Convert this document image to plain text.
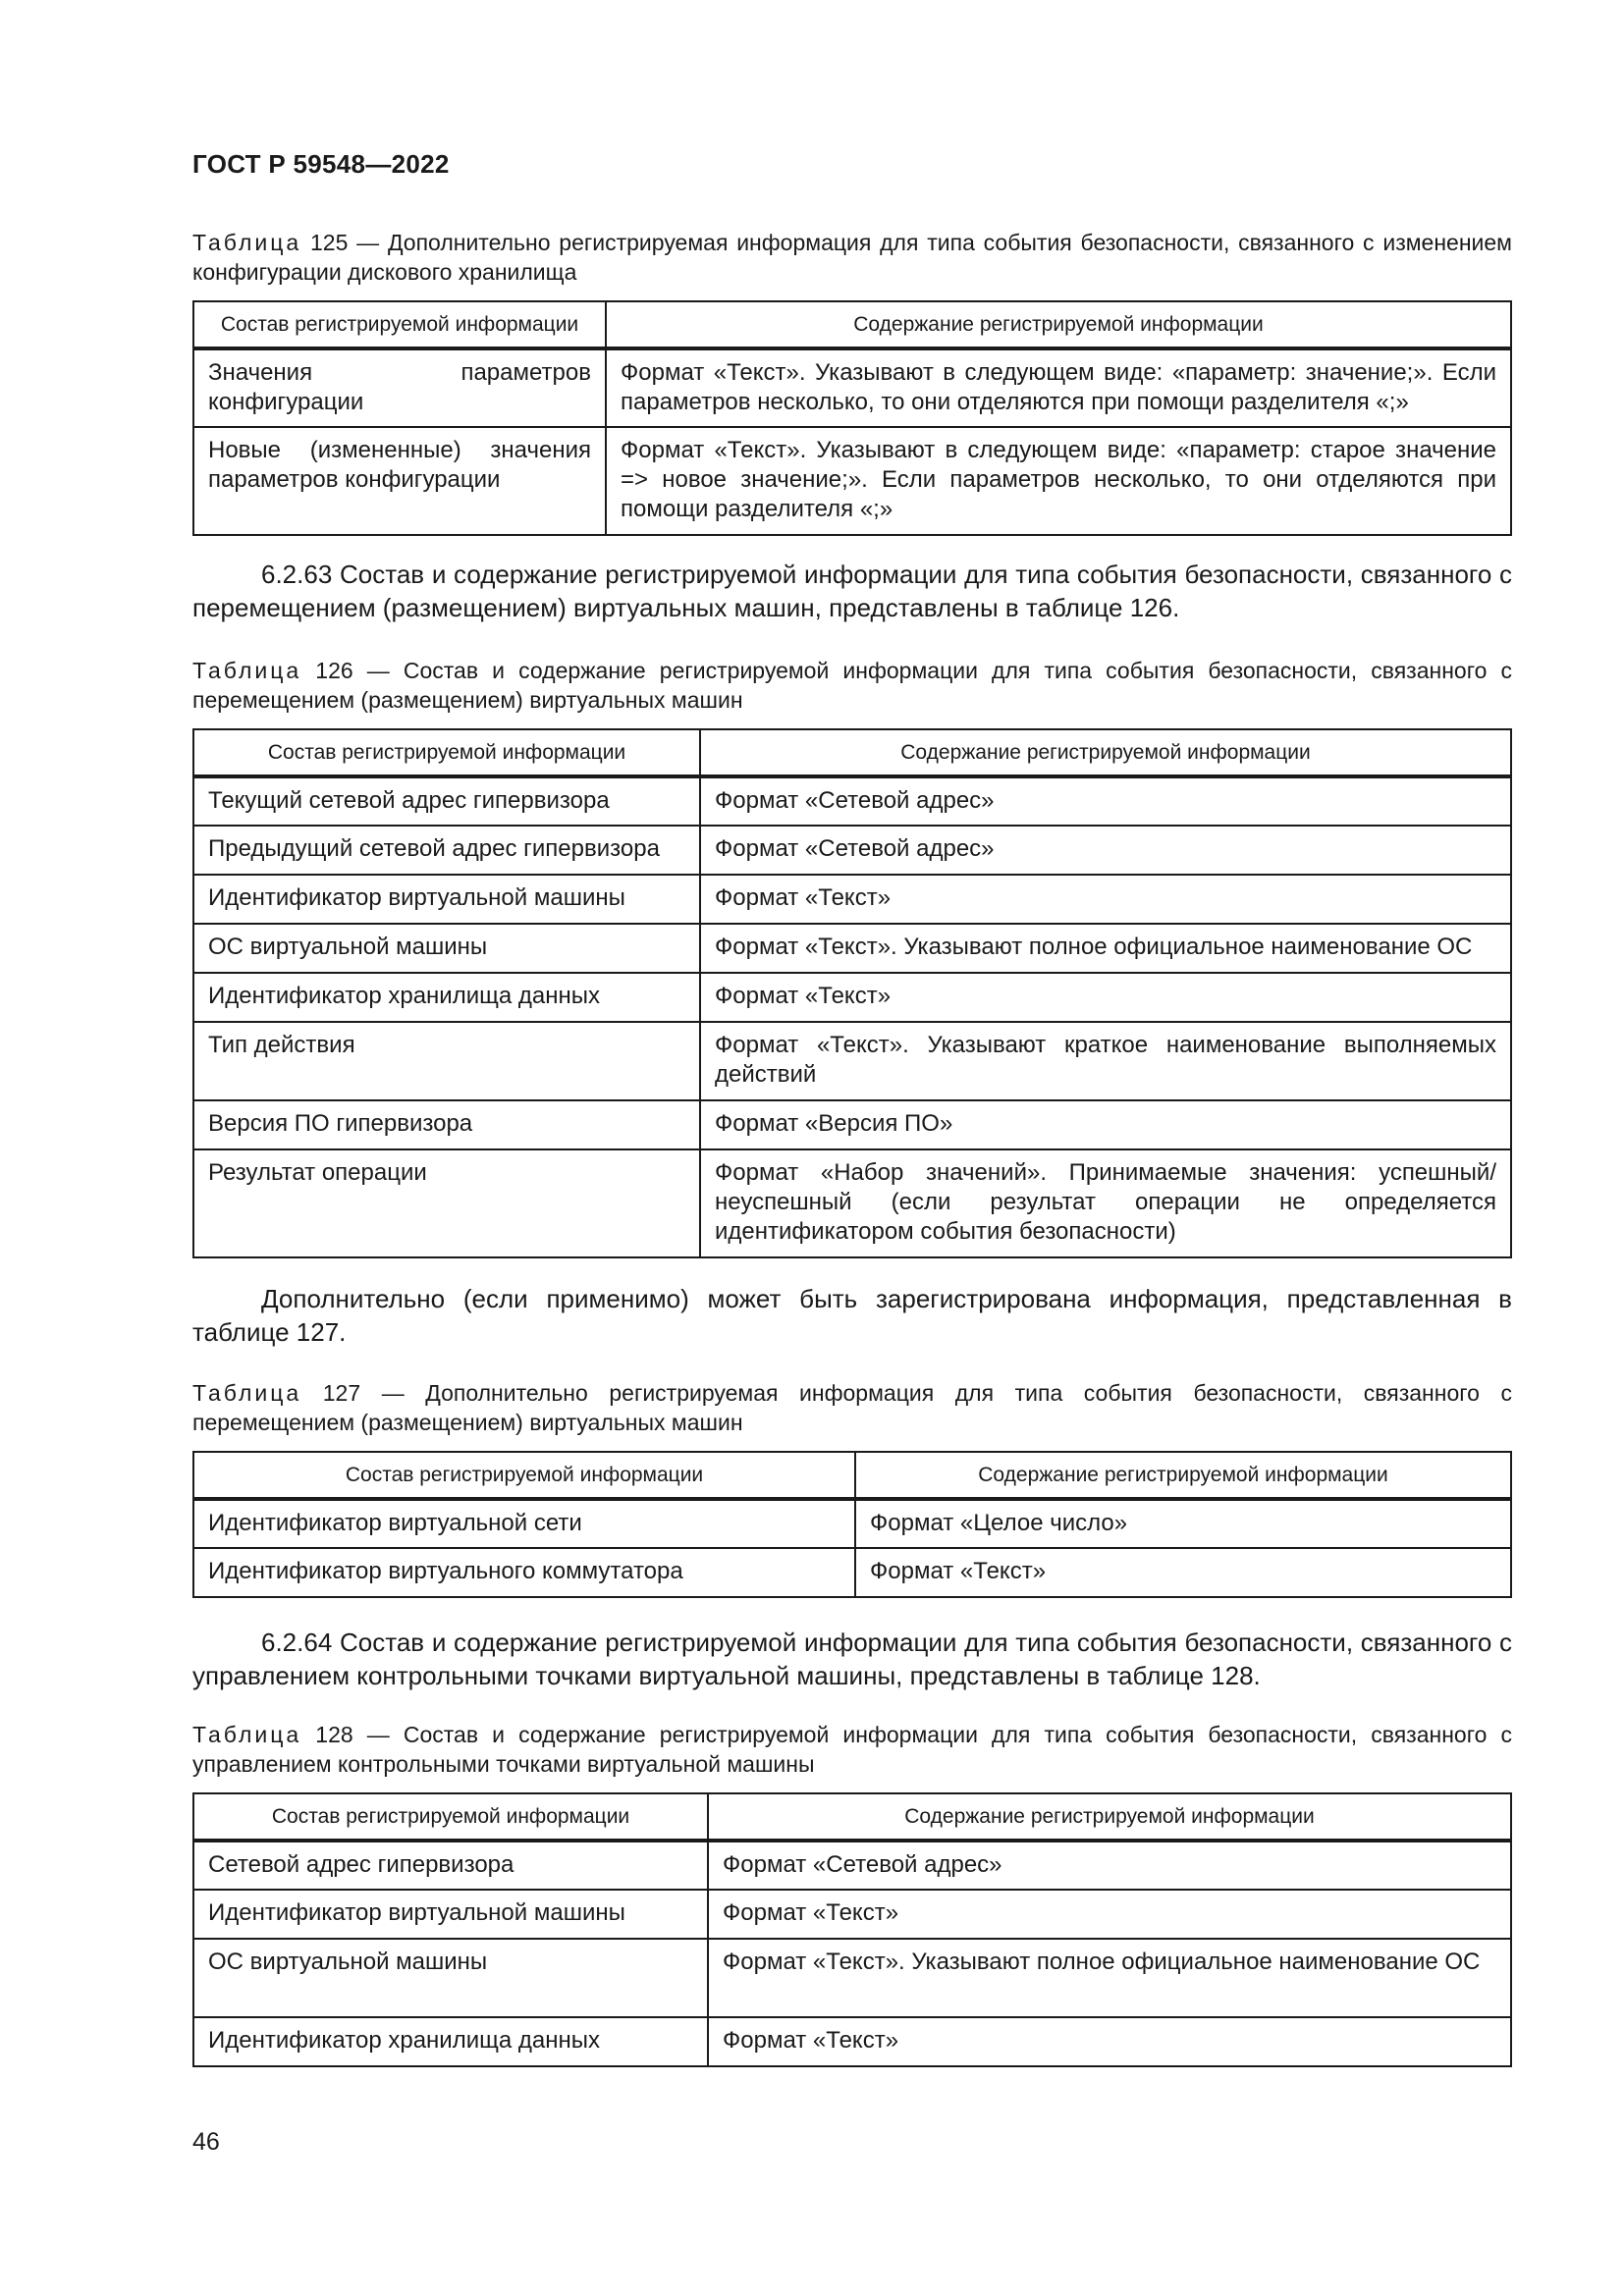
ГОСТ Р 59548—2022
Таблица 125 — Дополнительно регистрируемая информация для типа события безопасности, связанного с изменением конфигурации дискового хранилища
Состав регистрируемой информации	Содержание регистрируемой информации
Значения параметров конфигурации	Формат «Текст». Указывают в следующем виде: «параметр: значение;». Если параметров несколько, то они отделяются при помощи разделителя «;»
Новые (измененные) значения параметров конфигурации	Формат «Текст». Указывают в следующем виде: «параметр: старое значение => новое значение;». Если параметров несколько, то они отделяются при помощи разделителя «;»
6.2.63 Состав и содержание регистрируемой информации для типа события безопасности, связанного с перемещением (размещением) виртуальных машин, представлены в таблице 126.
Таблица 126 — Состав и содержание регистрируемой информации для типа события безопасности, связанного с перемещением (размещением) виртуальных машин
Состав регистрируемой информации	Содержание регистрируемой информации
Текущий сетевой адрес гипервизора	Формат «Сетевой адрес»
Предыдущий сетевой адрес гипервизора	Формат «Сетевой адрес»
Идентификатор виртуальной машины	Формат «Текст»
ОС виртуальной машины	Формат «Текст». Указывают полное официальное наименование ОС
Идентификатор хранилища данных	Формат «Текст»
Тип действия	Формат «Текст». Указывают краткое наименование выполняемых действий
Версия ПО гипервизора	Формат «Версия ПО»
Результат операции	Формат «Набор значений». Принимаемые значения: успешный/неуспешный (если результат операции не определяется идентификатором события безопасности)
Дополнительно (если применимо) может быть зарегистрирована информация, представленная в таблице 127.
Таблица 127 — Дополнительно регистрируемая информация для типа события безопасности, связанного с перемещением (размещением) виртуальных машин
Состав регистрируемой информации	Содержание регистрируемой информации
Идентификатор виртуальной сети	Формат «Целое число»
Идентификатор виртуального коммутатора	Формат «Текст»
6.2.64 Состав и содержание регистрируемой информации для типа события безопасности, связанного с управлением контрольными точками виртуальной машины, представлены в таблице 128.
Таблица 128 — Состав и содержание регистрируемой информации для типа события безопасности, связанного с управлением контрольными точками виртуальной машины
Состав регистрируемой информации	Содержание регистрируемой информации
Сетевой адрес гипервизора	Формат «Сетевой адрес»
Идентификатор виртуальной машины	Формат «Текст»
ОС виртуальной машины	Формат «Текст». Указывают полное официальное наименование ОС
Идентификатор хранилища данных	Формат «Текст»
46
